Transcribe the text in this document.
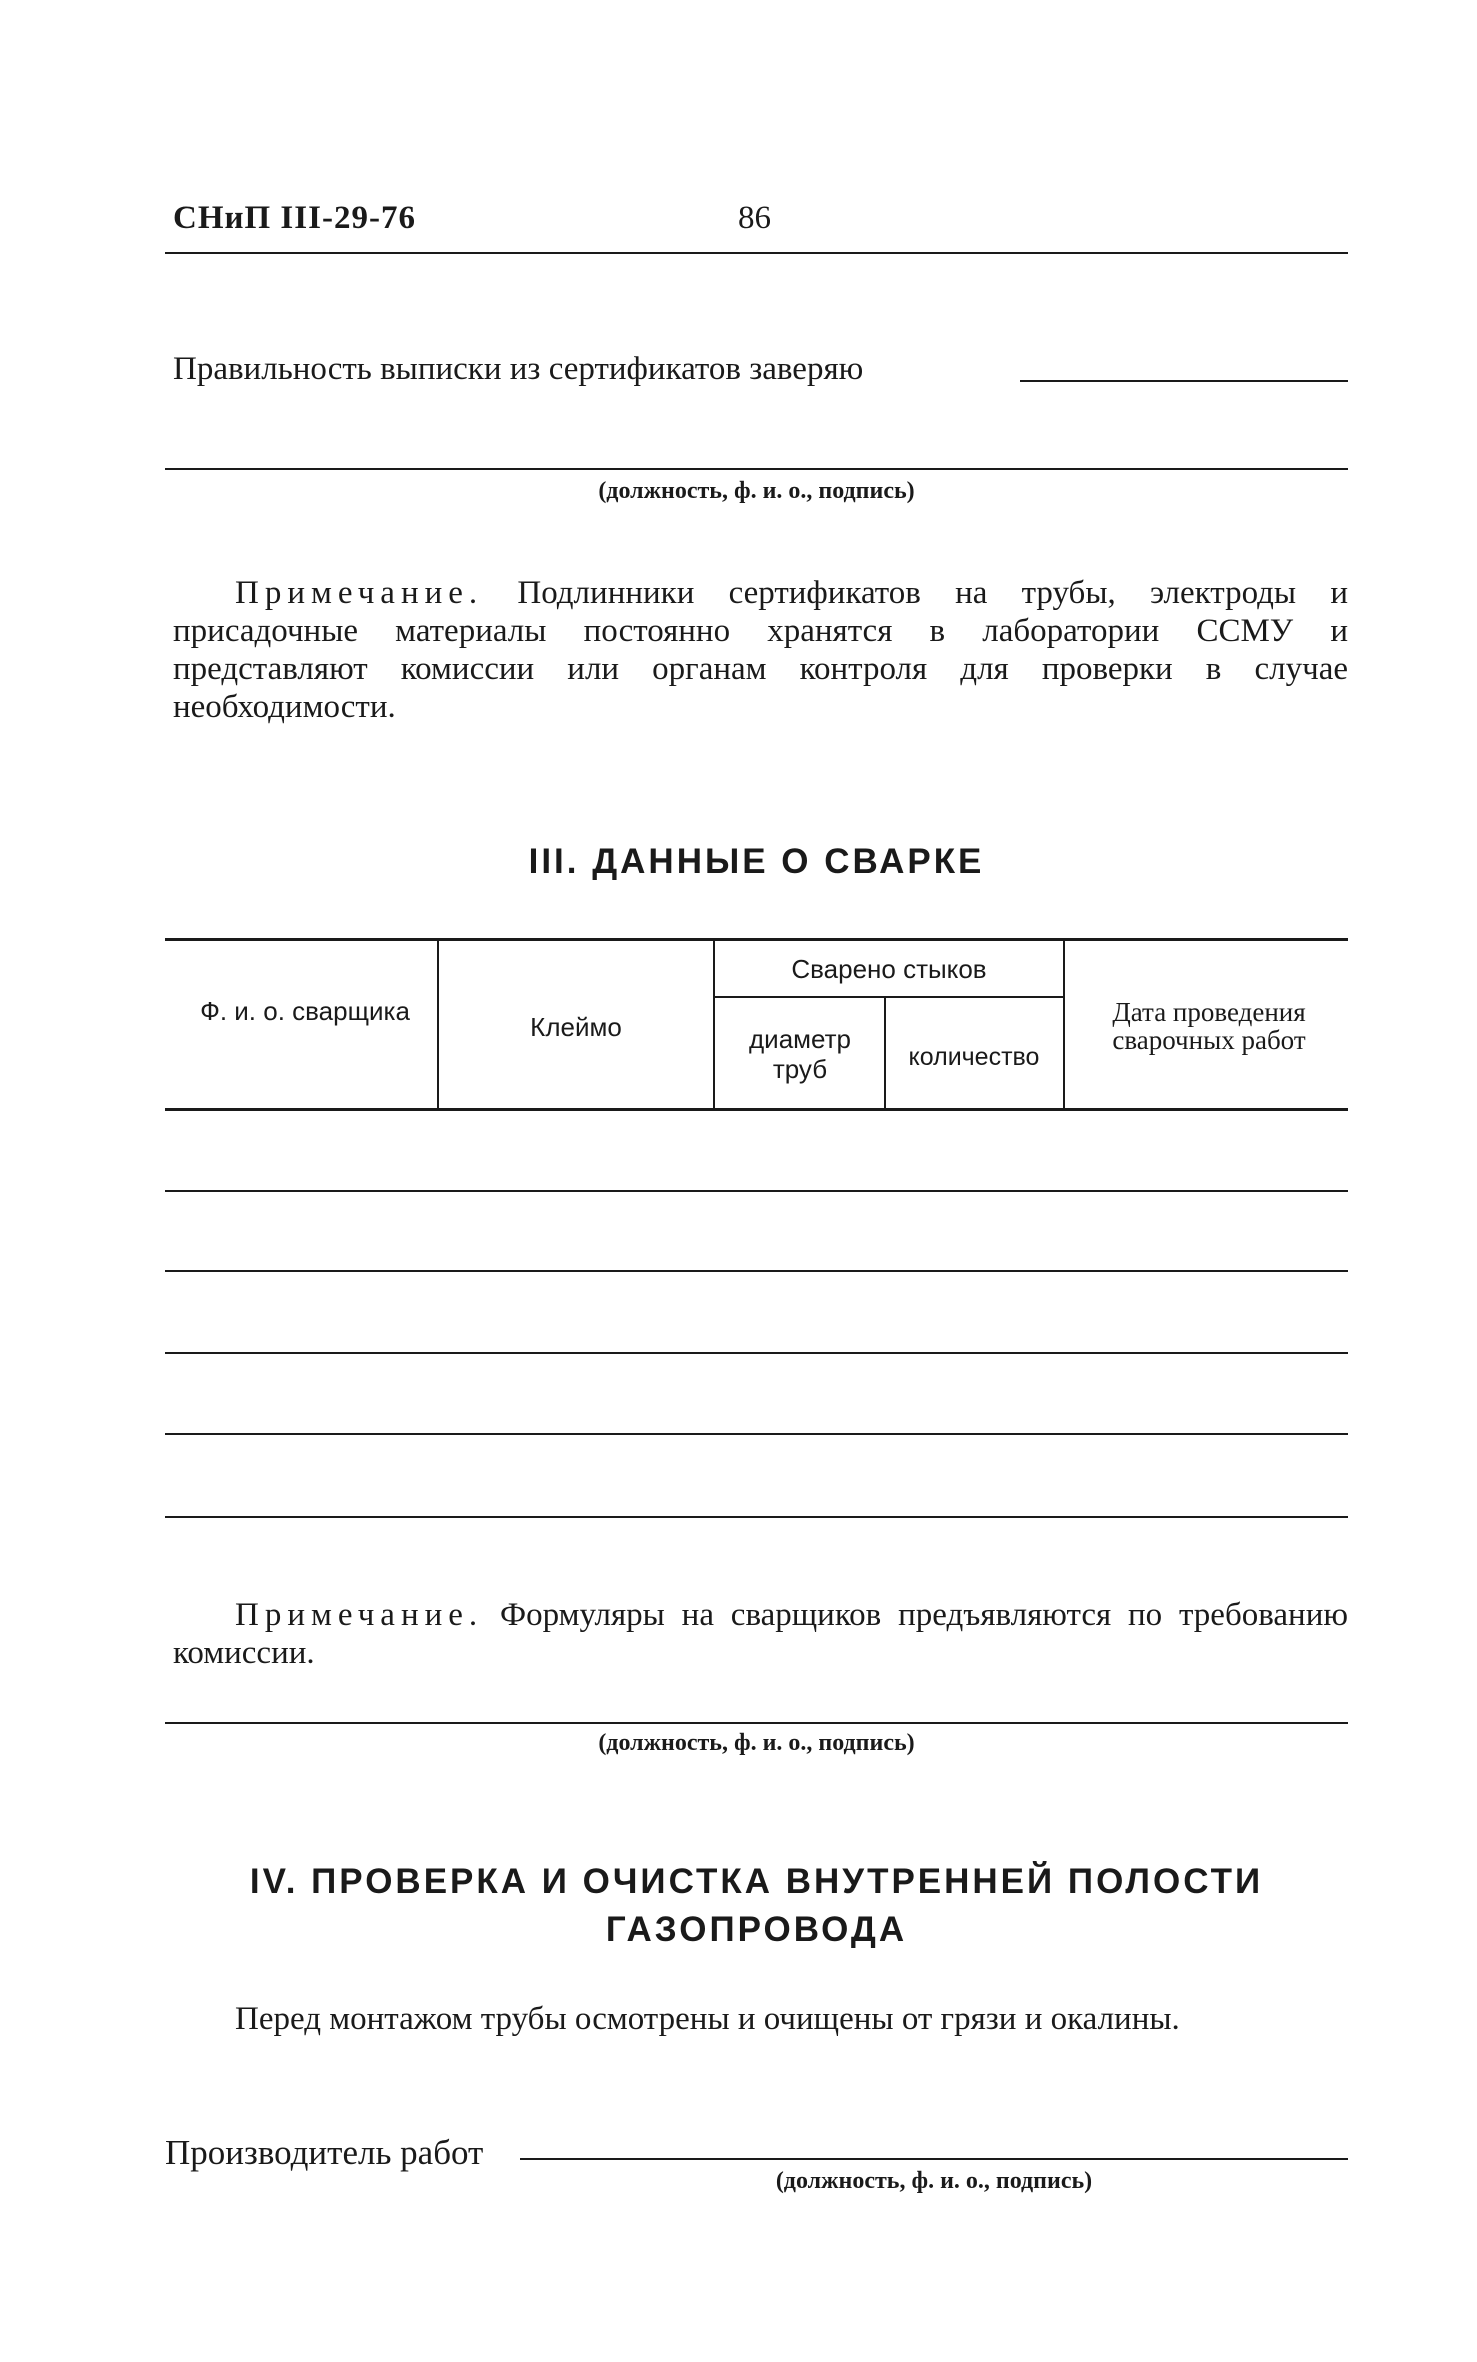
СНиП III-29-76	86
Правильность выписки из сертификатов заверяю
(должность, ф. и. о., подпись)
Примечание. Подлинники сертификатов на трубы, электроды и присадочные материалы постоянно хранятся в лаборатории ССМУ и представляют комиссии или органам контроля для проверки в случае необходимости.
III. ДАННЫЕ О СВАРКЕ
Ф. и. о. сварщика
Клеймо
Сварено стыков
диаметр труб	количество
Дата проведения сварочных работ
Примечание. Формуляры на сварщиков предъявляются по требованию комиссии.
(должность, ф. и. о., подпись)
IV. ПРОВЕРКА И ОЧИСТКА ВНУТРЕННЕЙ ПОЛОСТИ
ГАЗОПРОВОДА
Перед монтажом трубы осмотрены и очищены от грязи и окалины.
Производитель работ
(должность, ф. и. о., подпись)
